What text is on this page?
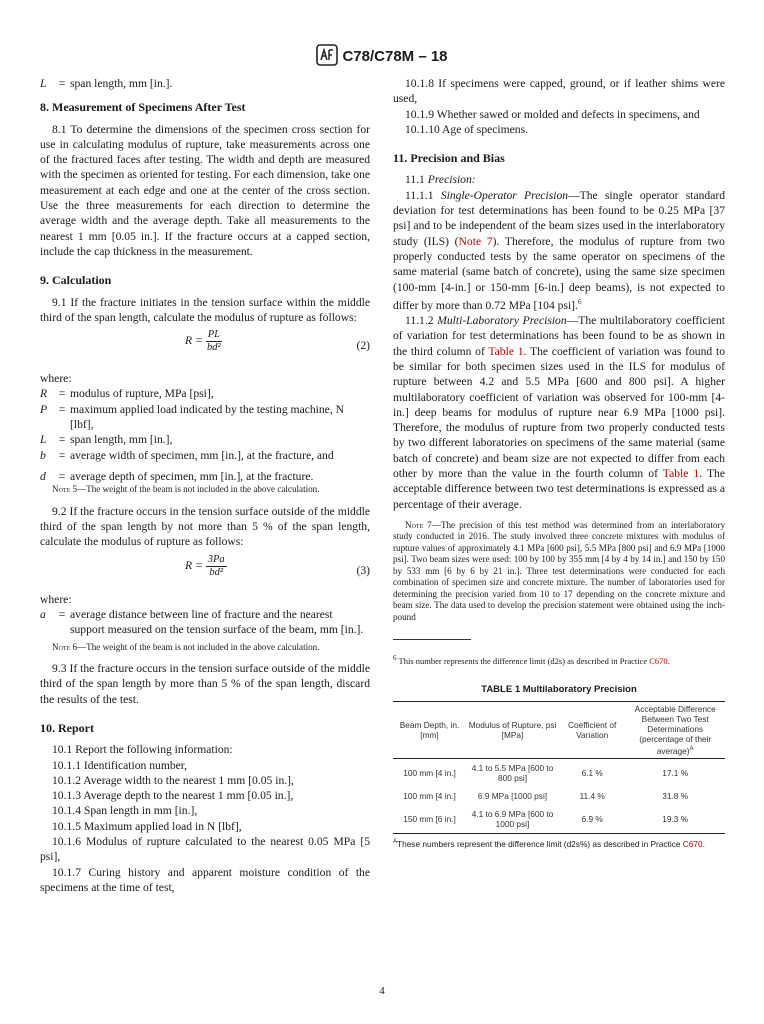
C78/C78M – 18
L	= span length, mm [in.].
8. Measurement of Specimens After Test

8.1 To determine the dimensions of the specimen cross section for use in calculating modulus of rupture, take measurements across one of the fractured faces after testing. The width and depth are measured with the specimen as oriented for testing. For each dimension, take one measurement at each edge and one at the center of the cross section. Use the three measurements for each direction to determine the average width and the average depth. Take all measurements to the nearest 1 mm [0.05 in.]. If the fracture occurs at a capped section, include the cap thickness in the measurement.

9. Calculation

9.1 If the fracture initiates in the tension surface within the middle third of the span length, calculate the modulus of rupture as follows:

$R = \frac{PL}{\text{bd²}}$	(2)

where:

R	= modulus of rupture, MPa [psi],
P	= maximum applied load indicated by the testing machine, N [lbf],
L	= span length, mm [in.],
b	= average width of specimen, mm [in.], at the fracture, and
d	= average depth of specimen, mm [in.], at the fracture.

Note 5—The weight of the beam is not included in the above calculation.

9.2 If the fracture occurs in the tension surface outside of the middle third of the span length by not more than 5 % of the span length, calculate the modulus of rupture as follows:

$R = \frac{3Pa}{\text{bd²}}$	(3)

where:

a	= average distance between line of fracture and the nearest support measured on the tension surface of the beam, mm [in.].

Note 6—The weight of the beam is not included in the above calculation.

9.3 If the fracture occurs in the tension surface outside of the middle third of the span length by more than 5 % of the span length, discard the results of the test.

10. Report

10.1 Report the following information:

10.1.1 Identification number,

10.1.2 Average width to the nearest 1 mm [0.05 in.],

10.1.3 Average depth to the nearest 1 mm [0.05 in.],

10.1.4 Span length in mm [in.],

10.1.5 Maximum applied load in N [lbf],

10.1.6 Modulus of rupture calculated to the nearest 0.05 MPa [5 psi],

10.1.7 Curing history and apparent moisture condition of the specimens at the time of test,

10.1.8 If specimens were capped, ground, or if leather shims were used,

10.1.9 Whether sawed or molded and defects in specimens, and

10.1.10 Age of specimens.

11. Precision and Bias

11.1 Precision:

11.1.1 Single-Operator Precision—The single operator standard deviation for test determinations has been found to be 0.25 MPa [37 psi] and to be independent of the beam sizes used in the interlaboratory study (ILS) (Note 7). Therefore, the modulus of rupture from two properly conducted tests by the same operator on specimens of the same material (same batch of concrete), using the same size specimen (100-mm [4-in.] or 150-mm [6-in.] deep beams), is not expected to differ by more than 0.72 MPa [104 psi].$^6$

11.1.2 Multi-Laboratory Precision—The multilaboratory coefficient of variation for test determinations has been found to be as shown in the third column of Table 1. The coefficient of variation was found to be similar for both specimen sizes used in the ILS for modulus of rupture between 4.2 and 5.5 MPa [600 and 800 psi]. A higher multilaboratory coefficient of variation was observed for 100-mm [4-in.] deep beams for modulus of rupture near 6.9 MPa [1000 psi]. Therefore, the modulus of rupture from two properly conducted tests by two different laboratories on specimens of the same material (same batch of concrete) and beam size are not expected to differ from each other by more than the value in the fourth column of Table 1. The acceptable difference between two test determinations is expressed as a percentage of their average.

Note 7—The precision of this test method was determined from an interlaboratory study conducted in 2016. The study involved three concrete mixtures with modulus of rupture values of approximately 4.1 MPa [600 psi], 5.5 MPa [800 psi] and 6.9 MPa [1000 psi]. Two beam sizes were used: 100 by 100 by 355 mm [4 by 4 by 14 in.] and 150 by 150 by 533 mm [6 by 6 by 21 in.]. Three test determinations were conducted for each combination of specimen size and concrete mixture. The number of laboratories used for determining the precision varied from 10 to 17 depending on the concrete mixture and beam size. The data used to develop the precision statement were obtained using the inch-pound

$^6$ This number represents the difference limit (d2s) as described in Practice C670.

TABLE 1 Multilaboratory Precision
Beam Depth, in. [mm]	Modulus of Rupture, psi [MPa]	Coefficient of Variation	Acceptable Difference Between Two Test Determinations (percentage of their average)$^A$
100 mm [4 in.]	4.1 to 5.5 MPa [600 to 800 psi]	6.1 %	17.1 %
100 mm [4 in.]	6.9 MPa [1000 psi]	11.4 %	31.8 %
150 mm [6 in.]	4.1 to 6.9 MPa [600 to 1000 psi]	6.9 %	19.3 %
$^A$These numbers represent the difference limit (d2s%) as described in Practice C670.
4
